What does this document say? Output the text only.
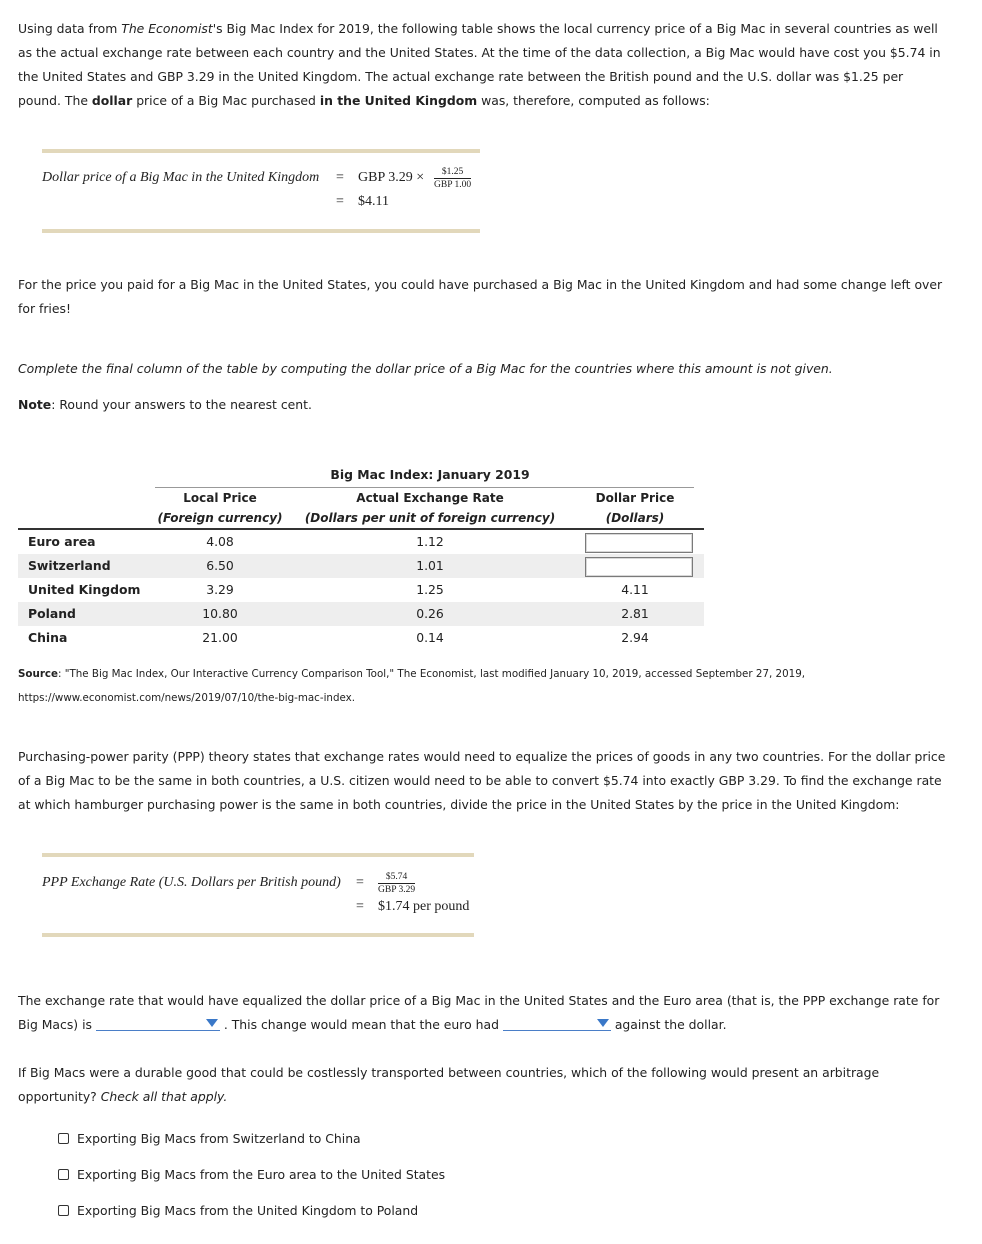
Using data from The Economist's Big Mac Index for 2019, the following table shows the local currency price of a Big Mac in several countries as well as the actual exchange rate between each country and the United States. At the time of the data collection, a Big Mac would have cost you $5.74 in the United States and GBP 3.29 in the United Kingdom. The actual exchange rate between the British pound and the U.S. dollar was $1.25 per pound. The dollar price of a Big Mac purchased in the United Kingdom was, therefore, computed as follows:

Dollar price of a Big Mac in the United Kingdom = GBP 3.29 ×	$1.25
GBP 1.00
= $4.11

For the price you paid for a Big Mac in the United States, you could have purchased a Big Mac in the United Kingdom and had some change left over for fries!

Complete the final column of the table by computing the dollar price of a Big Mac for the countries where this amount is not given.

Note: Round your answers to the nearest cent.

Big Mac Index: January 2019
Local Price
(Foreign currency)
Actual Exchange Rate
(Dollars per unit of foreign currency)
Dollar Price
(Dollars)
Euro area	4.08	1.12
Switzerland	6.50	1.01
United Kingdom	3.29	1.25	4.11
Poland	10.80	0.26	2.81
China	21.00	0.14	2.94
Source: "The Big Mac Index, Our Interactive Currency Comparison Tool," The Economist, last modified January 10, 2019, accessed September 27, 2019,
https://www.economist.com/news/2019/07/10/the-big-mac-index.

Purchasing-power parity (PPP) theory states that exchange rates would need to equalize the prices of goods in any two countries. For the dollar price of a Big Mac to be the same in both countries, a U.S. citizen would need to be able to convert $5.74 into exactly GBP 3.29. To find the exchange rate at which hamburger purchasing power is the same in both countries, divide the price in the United States by the price in the United Kingdom:

PPP Exchange Rate (U.S. Dollars per British pound) =	$5.74
GBP 3.29
= $1.74 per pound

The exchange rate that would have equalized the dollar price of a Big Mac in the United States and the Euro area (that is, the PPP exchange rate for Big Macs) is	. This change would mean that the euro had	against the dollar.

If Big Macs were a durable good that could be costlessly transported between countries, which of the following would present an arbitrage opportunity? Check all that apply.

Exporting Big Macs from Switzerland to China
Exporting Big Macs from the Euro area to the United States
Exporting Big Macs from the United Kingdom to Poland
